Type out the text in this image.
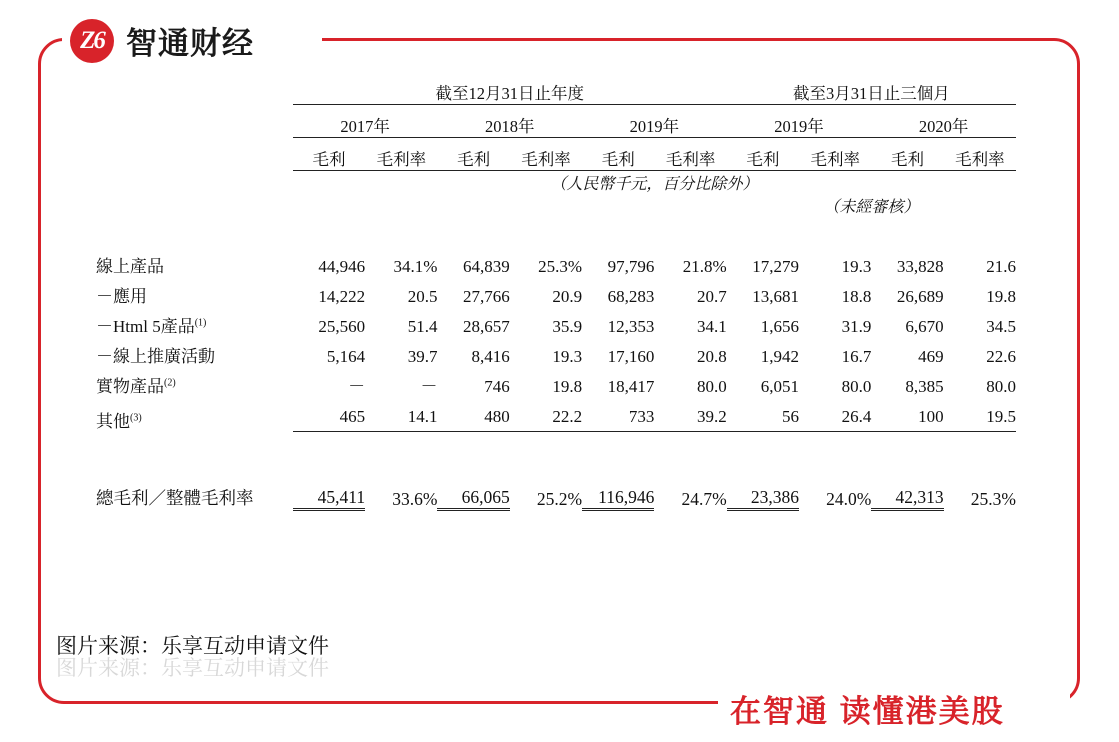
Z6 智通财经
在智通 读懂港美股
	截至12月31日止年度						截至3月31日止三個月			

	2017年		2018年		2019年		2019年		2020年	

	毛利	毛利率	毛利	毛利率	毛利	毛利率	毛利	毛利率	毛利	毛利率
	（人民幣千元，百分比除外）									
							（未經審核）			

線上產品	44,946	34.1%	64,839	25.3%	97,796	21.8%	17,279	19.3	33,828	21.6
－應用	14,222	20.5	27,766	20.9	68,283	20.7	13,681	18.8	26,689	19.8
－Html 5產品$^{(1)}$	25,560	51.4	28,657	35.9	12,353	34.1	1,656	31.9	6,670	34.5
－線上推廣活動	5,164	39.7	8,416	19.3	17,160	20.8	1,942	16.7	469	22.6
實物產品$^{(2)}$	－	－	746	19.8	18,417	80.0	6,051	80.0	8,385	80.0
其他$^{(3)}$	465	14.1	480	22.2	733	39.2	56	26.4	100	19.5

總毛利／整體毛利率	45,411	33.6%	66,065	25.2%	116,946	24.7%	23,386	24.0%	42,313	25.3%
图片来源：乐享互动申请文件
图片来源：乐享互动申请文件
